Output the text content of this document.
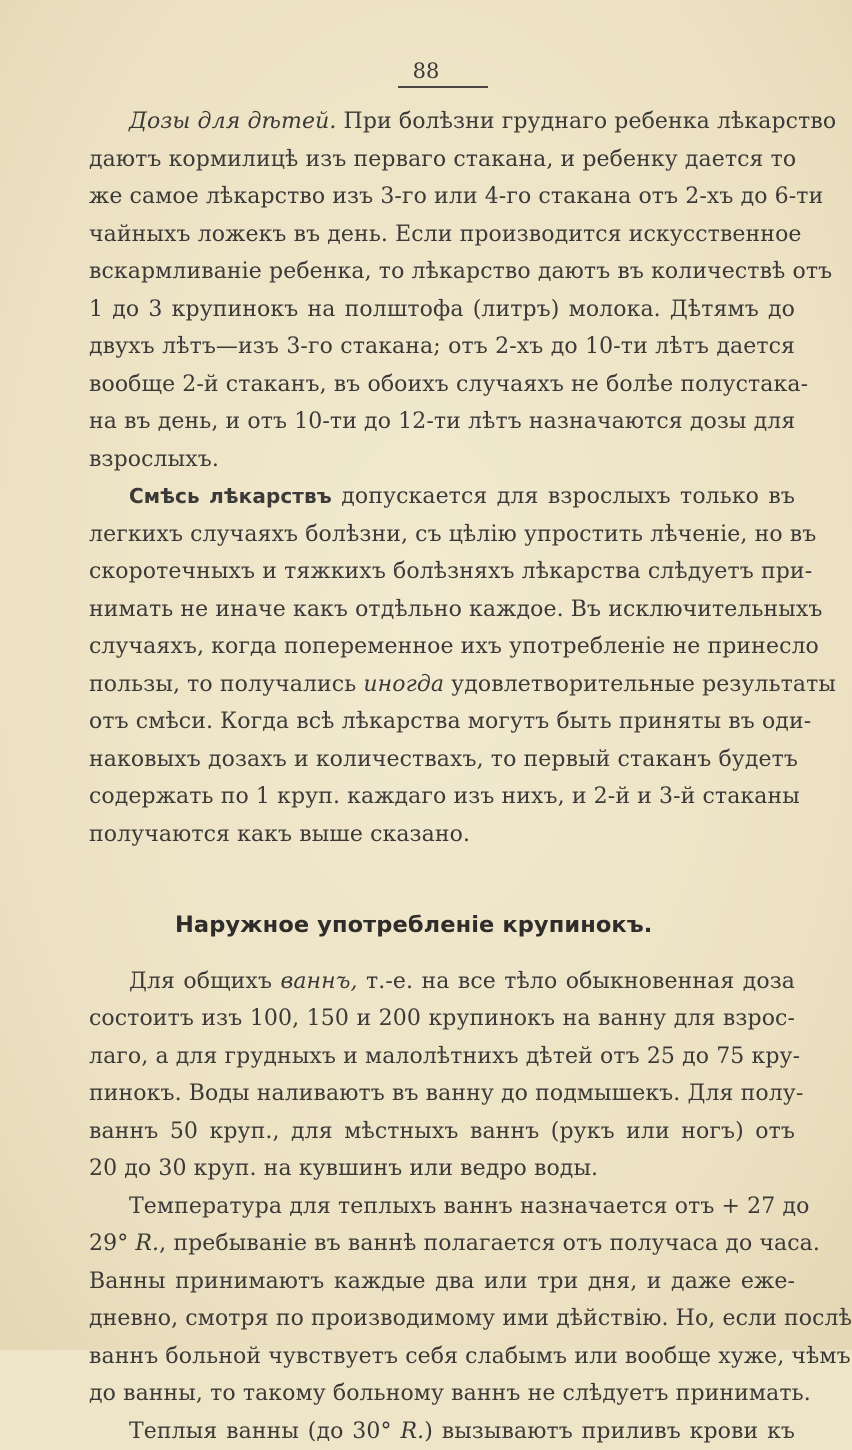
88
Дозы для дѣтей. При болѣзни груднаго ребенка лѣкарство
даютъ кормилицѣ изъ перваго стакана, и ребенку дается то
же самое лѣкарство изъ 3-го или 4-го стакана отъ 2-хъ до 6-ти
чайныхъ ложекъ въ день. Если производится искусственное
вскармливаніе ребенка, то лѣкарство даютъ въ количествѣ отъ
1 до 3 крупинокъ на полштофа (литръ) молока. Дѣтямъ до
двухъ лѣтъ—изъ 3-го стакана; отъ 2-хъ до 10-ти лѣтъ дается
вообще 2-й стаканъ, въ обоихъ случаяхъ не болѣе полустака-
на въ день, и отъ 10-ти до 12-ти лѣтъ назначаются дозы для
взрослыхъ.
Смѣсь лѣкарствъ допускается для взрослыхъ только въ
легкихъ случаяхъ болѣзни, съ цѣлію упростить лѣченіе, но въ
скоротечныхъ и тяжкихъ болѣзняхъ лѣкарства слѣдуетъ при-
нимать не иначе какъ отдѣльно каждое. Въ исключительныхъ
случаяхъ, когда попеременное ихъ употребленіе не принесло
пользы, то получались иногда удовлетворительные результаты
отъ смѣси. Когда всѣ лѣкарства могутъ быть приняты въ оди-
наковыхъ дозахъ и количествахъ, то первый стаканъ будетъ
содержать по 1 круп. каждаго изъ нихъ, и 2-й и 3-й стаканы
получаются какъ выше сказано.
Наружное употребленіе крупинокъ.
Для общихъ ваннъ, т.-е. на все тѣло обыкновенная доза
состоитъ изъ 100, 150 и 200 крупинокъ на ванну для взрос-
лаго, а для грудныхъ и малолѣтнихъ дѣтей отъ 25 до 75 кру-
пинокъ. Воды наливаютъ въ ванну до подмышекъ. Для полу-
ваннъ 50 круп., для мѣстныхъ ваннъ (рукъ или ногъ) отъ
20 до 30 круп. на кувшинъ или ведро воды.
Температура для теплыхъ ваннъ назначается отъ + 27 до
29° R., пребываніе въ ваннѣ полагается отъ получаса до часа.
Ванны принимаютъ каждые два или три дня, и даже еже-
дневно, смотря по производимому ими дѣйствію. Но, если послѣ
ваннъ больной чувствуетъ себя слабымъ или вообще хуже, чѣмъ
до ванны, то такому больному ваннъ не слѣдуетъ принимать.
Теплыя ванны (до 30° R.) вызываютъ приливъ крови къ
